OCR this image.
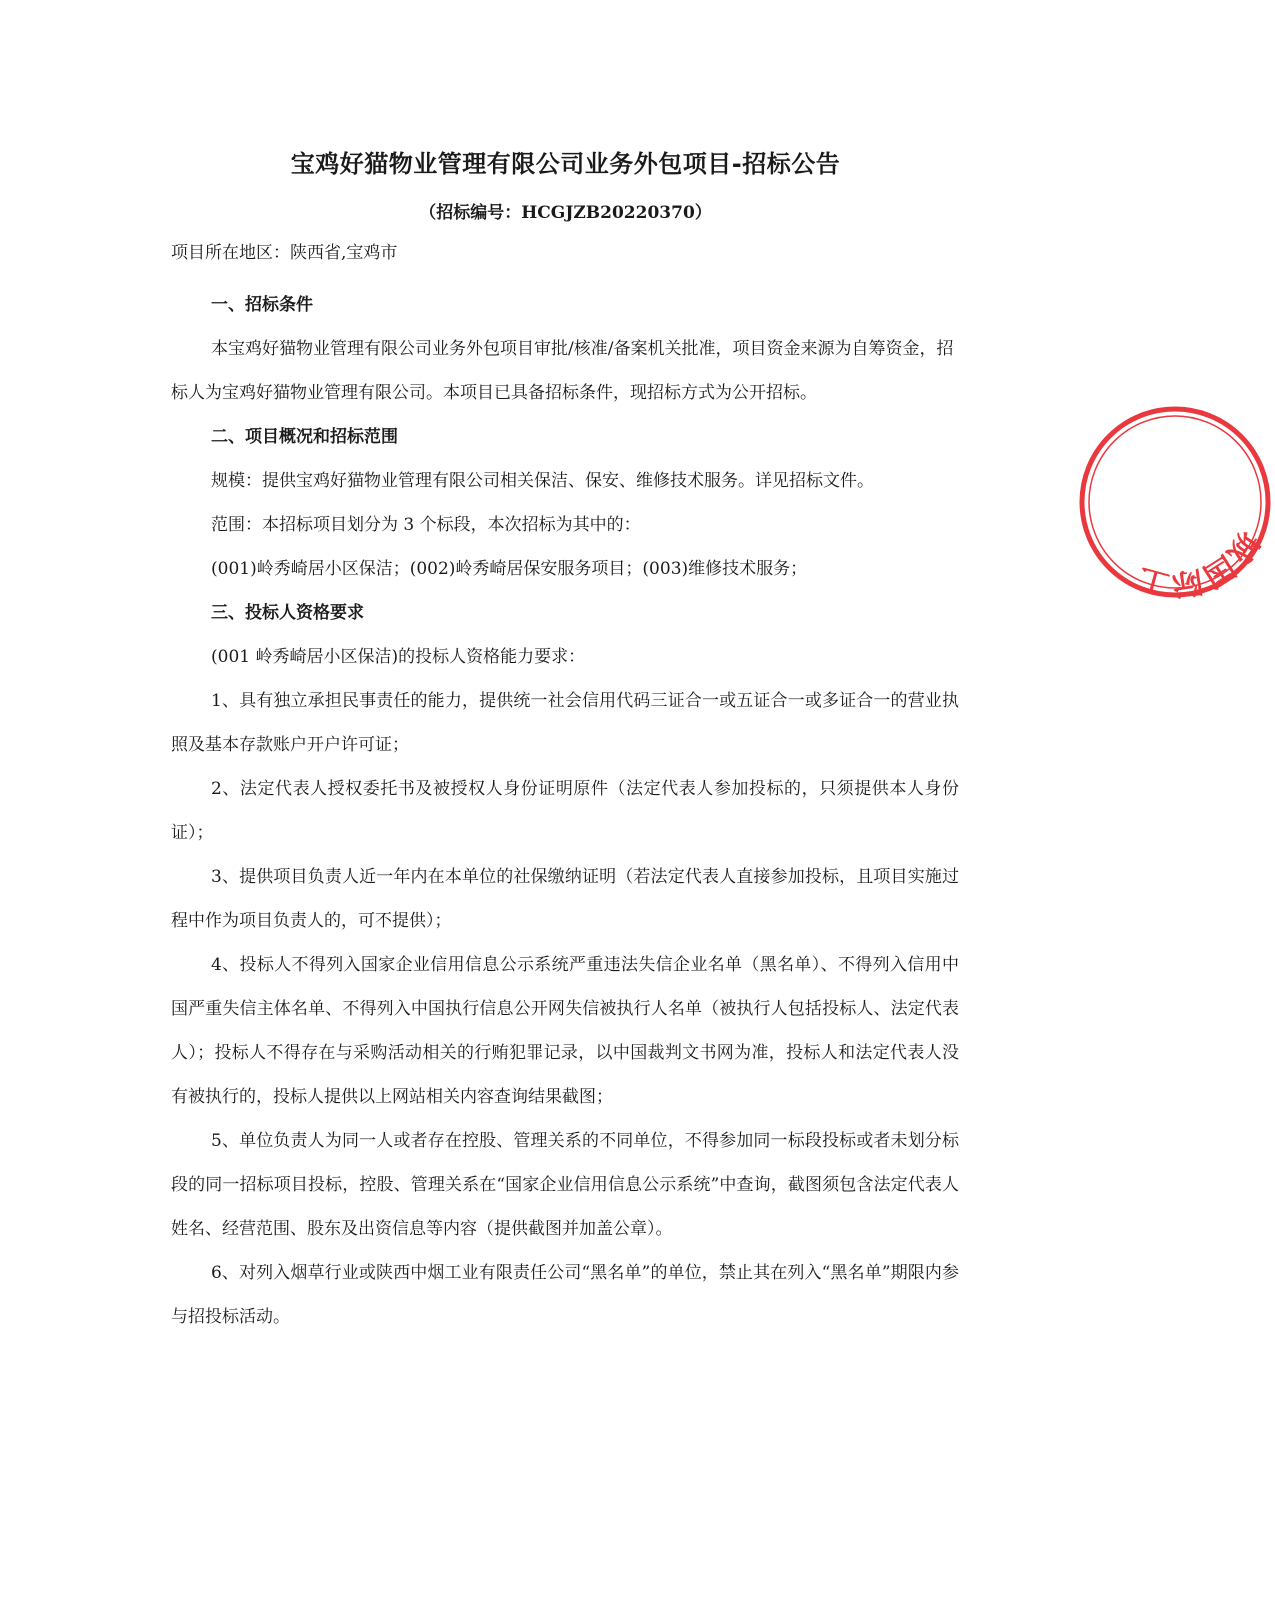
宝鸡好猫物业管理有限公司业务外包项目-招标公告
（招标编号：HCGJZB20220370）
项目所在地区：陕西省,宝鸡市

一、招标条件

本宝鸡好猫物业管理有限公司业务外包项目审批/核准/备案机关批准，项目资金来源为自筹资金，招标人为宝鸡好猫物业管理有限公司。本项目已具备招标条件，现招标方式为公开招标。

二、项目概况和招标范围

规模：提供宝鸡好猫物业管理有限公司相关保洁、保安、维修技术服务。详见招标文件。

范围：本招标项目划分为 3 个标段，本次招标为其中的：

(001)岭秀崎居小区保洁；(002)岭秀崎居保安服务项目；(003)维修技术服务；

三、投标人资格要求

(001 岭秀崎居小区保洁)的投标人资格能力要求：

1、具有独立承担民事责任的能力，提供统一社会信用代码三证合一或五证合一或多证合一的营业执照及基本存款账户开户许可证；

2、法定代表人授权委托书及被授权人身份证明原件（法定代表人参加投标的，只须提供本人身份证）；

3、提供项目负责人近一年内在本单位的社保缴纳证明（若法定代表人直接参加投标，且项目实施过程中作为项目负责人的，可不提供）；

4、投标人不得列入国家企业信用信息公示系统严重违法失信企业名单（黑名单）、不得列入信用中国严重失信主体名单、不得列入中国执行信息公开网失信被执行人名单（被执行人包括投标人、法定代表人）；投标人不得存在与采购活动相关的行贿犯罪记录，以中国裁判文书网为准，投标人和法定代表人没有被执行的，投标人提供以上网站相关内容查询结果截图；

5、单位负责人为同一人或者存在控股、管理关系的不同单位，不得参加同一标段投标或者未划分标段的同一招标项目投标，控股、管理关系在“国家企业信用信息公示系统”中查询，截图须包含法定代表人姓名、经营范围、股东及出资信息等内容（提供截图并加盖公章）。

6、对列入烟草行业或陕西中烟工业有限责任公司“黑名单”的单位，禁止其在列入“黑名单”期限内参与招投标活动。

城国际工
